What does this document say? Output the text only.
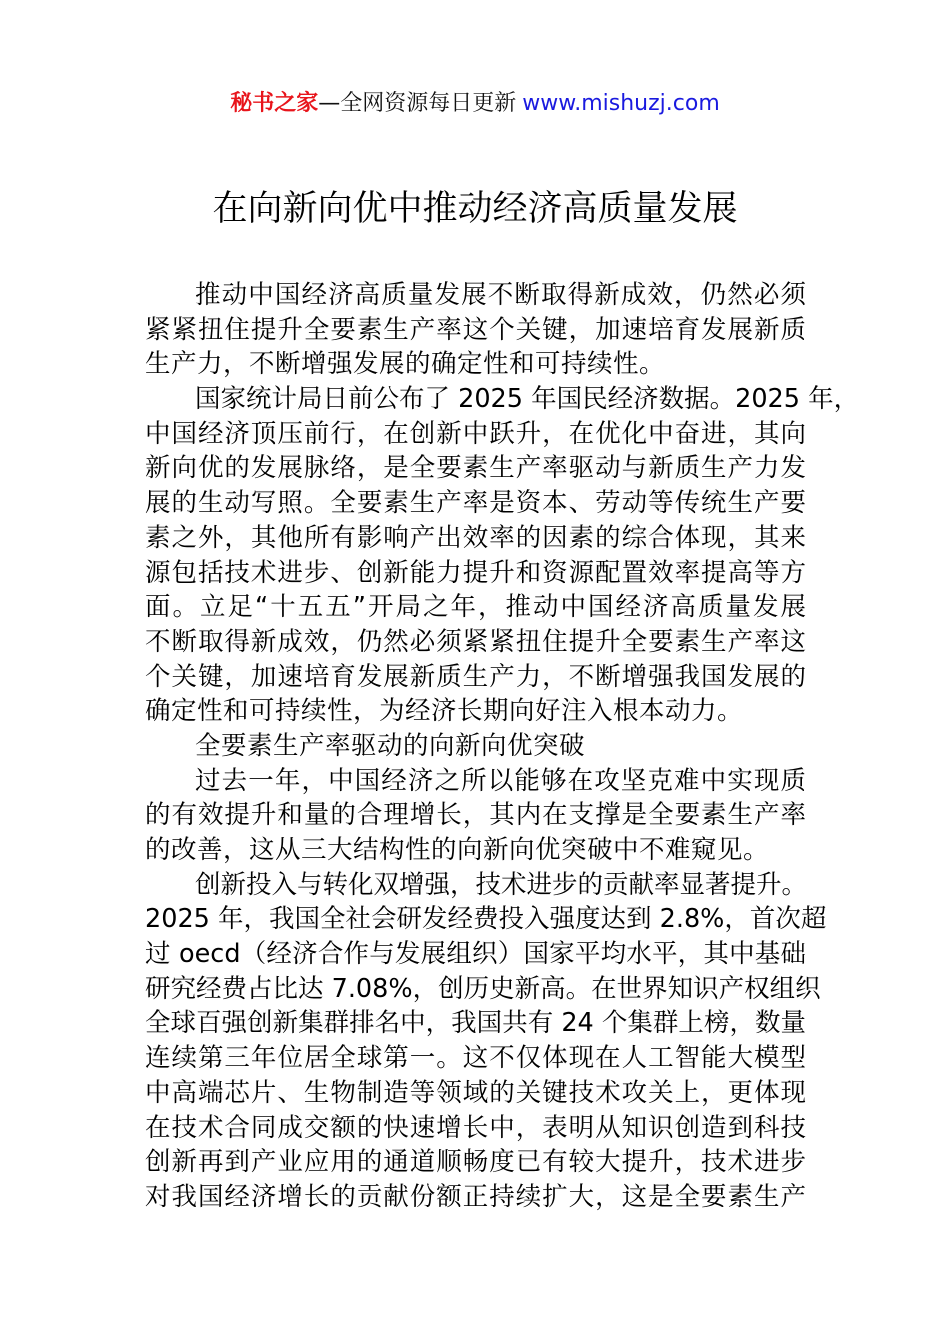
秘书之家—全网资源每日更新 www.mishuzj.com
在向新向优中推动经济高质量发展
推动中国经济高质量发展不断取得新成效，仍然必须
紧紧扭住提升全要素生产率这个关键，加速培育发展新质
生产力，不断增强发展的确定性和可持续性。
国家统计局日前公布了 2025 年国民经济数据。2025 年，
中国经济顶压前行，在创新中跃升，在优化中奋进，其向
新向优的发展脉络，是全要素生产率驱动与新质生产力发
展的生动写照。全要素生产率是资本、劳动等传统生产要
素之外，其他所有影响产出效率的因素的综合体现，其来
源包括技术进步、创新能力提升和资源配置效率提高等方
面。立足“十五五”开局之年，推动中国经济高质量发展
不断取得新成效，仍然必须紧紧扭住提升全要素生产率这
个关键，加速培育发展新质生产力，不断增强我国发展的
确定性和可持续性，为经济长期向好注入根本动力。
全要素生产率驱动的向新向优突破
过去一年，中国经济之所以能够在攻坚克难中实现质
的有效提升和量的合理增长，其内在支撑是全要素生产率
的改善，这从三大结构性的向新向优突破中不难窥见。
创新投入与转化双增强，技术进步的贡献率显著提升。
2025 年，我国全社会研发经费投入强度达到 2.8%，首次超
过 oecd（经济合作与发展组织）国家平均水平，其中基础
研究经费占比达 7.08%，创历史新高。在世界知识产权组织
全球百强创新集群排名中，我国共有 24 个集群上榜，数量
连续第三年位居全球第一。这不仅体现在人工智能大模型
中高端芯片、生物制造等领域的关键技术攻关上，更体现
在技术合同成交额的快速增长中，表明从知识创造到科技
创新再到产业应用的通道顺畅度已有较大提升，技术进步
对我国经济增长的贡献份额正持续扩大，这是全要素生产
